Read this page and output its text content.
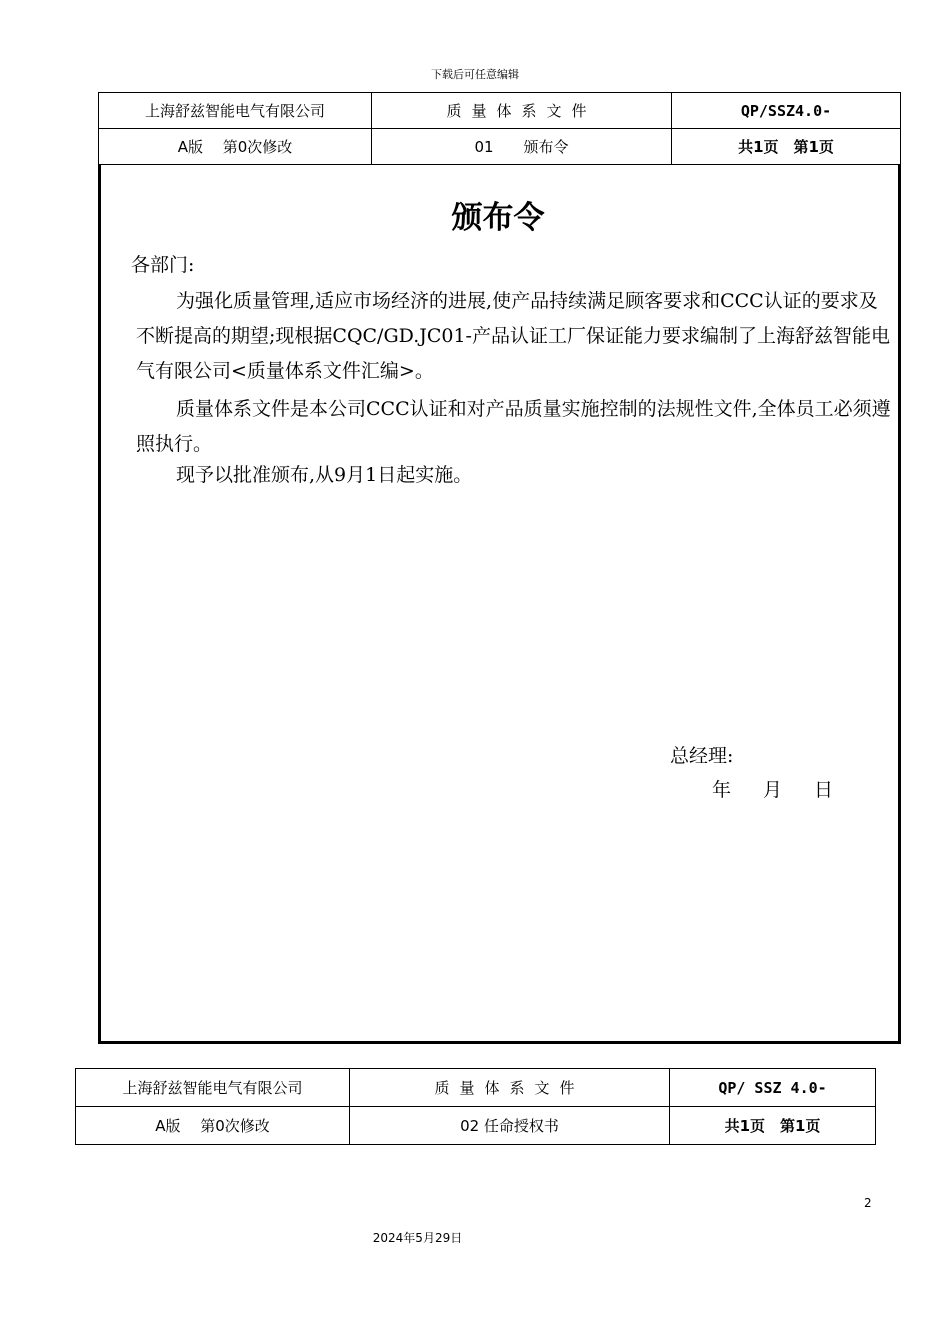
下载后可任意编辑
上海舒兹智能电气有限公司	质量体系文件	QP/SSZ4.0-
A版　 第0次修改	01　　颁布令	共1页　第1页
颁布令
各部门:
为强化质量管理,适应市场经济的进展,使产品持续满足顾客要求和CCC认证的要求及不断提高的期望;现根据CQC/GD.JC01-产品认证工厂保证能力要求编制了上海舒兹智能电气有限公司<质量体系文件汇编>。
质量体系文件是本公司CCC认证和对产品质量实施控制的法规性文件,全体员工必须遵照执行。
现予以批准颁布,从9月1日起实施。
总经理:
年 月 日
上海舒兹智能电气有限公司	质量体系文件	QP/ SSZ 4.0-
A版　 第0次修改	02 任命授权书	共1页　第1页
2
2024年5月29日
